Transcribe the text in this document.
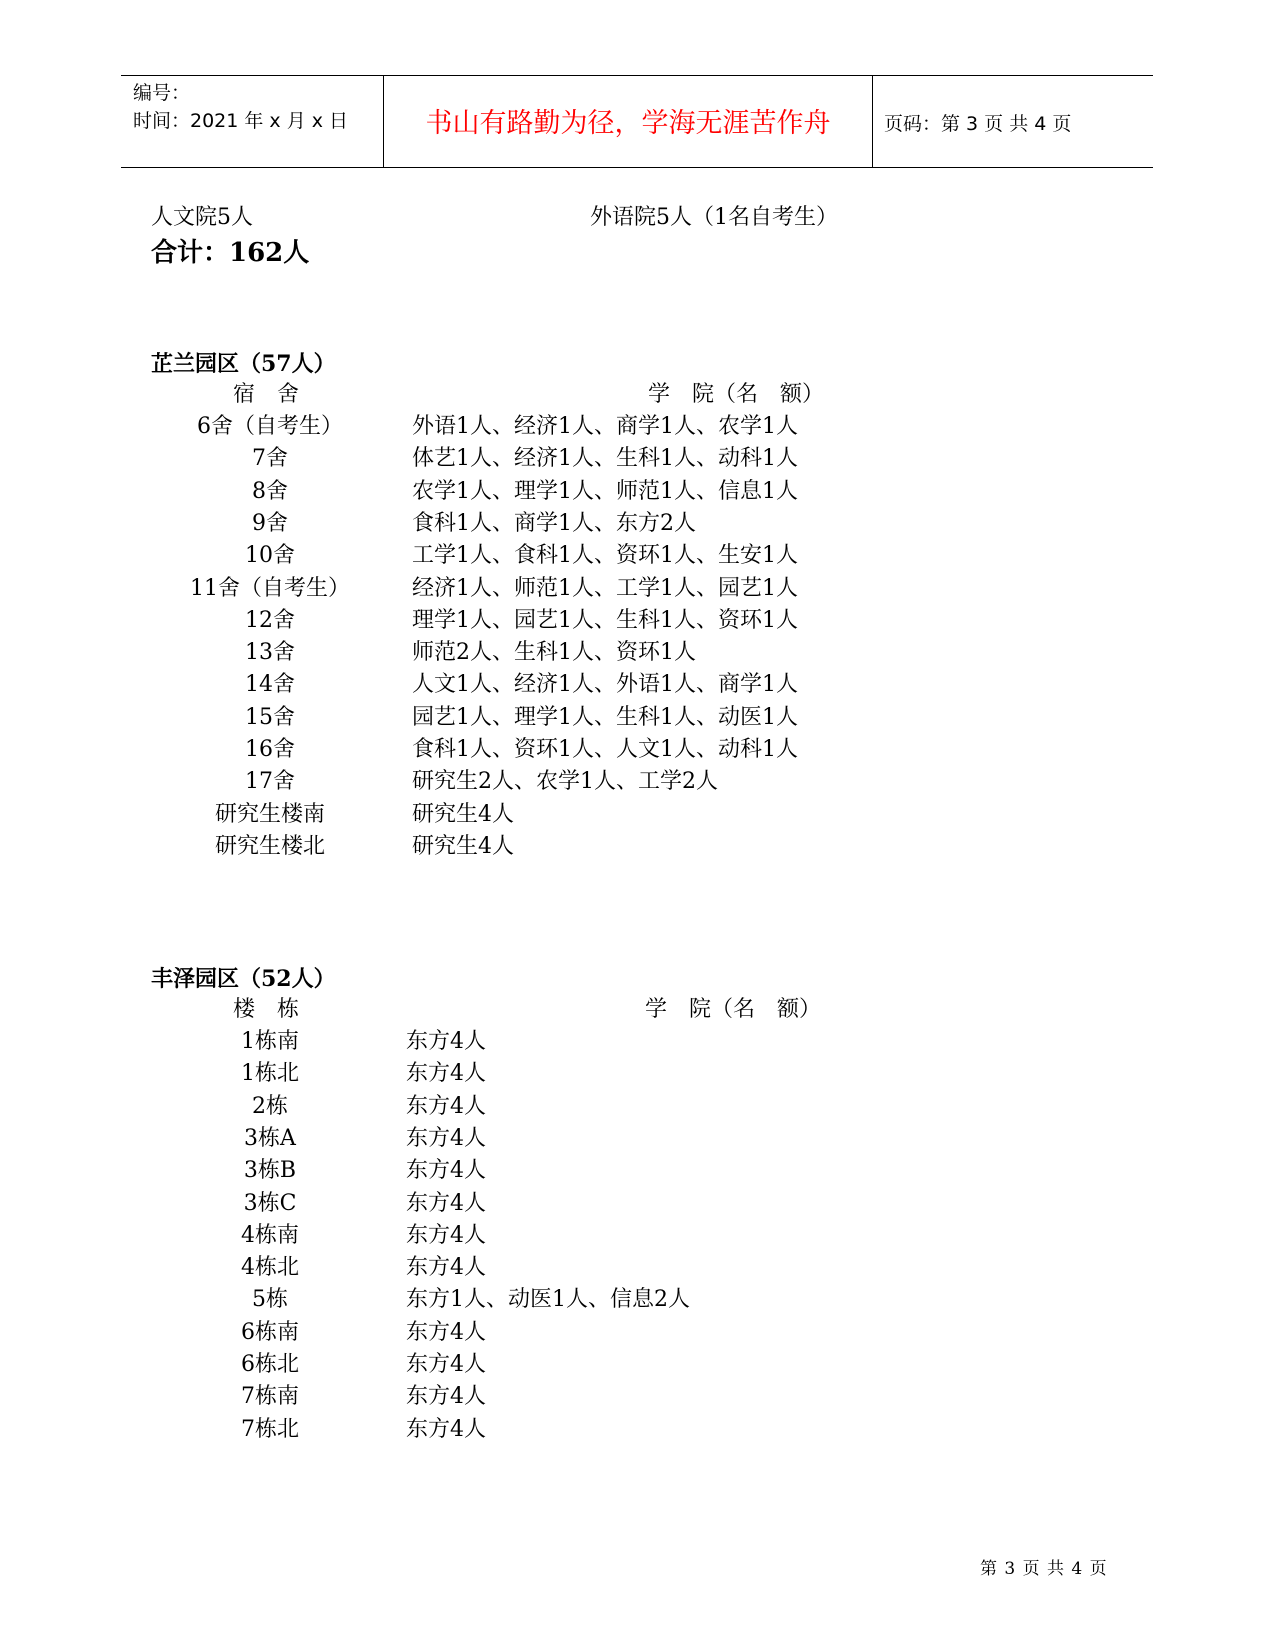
编号：
时间：2021 年 x 月 x 日	书山有路勤为径，学海无涯苦作舟	页码：第 3 页 共 4 页
人文院5人	外语院5人（1名自考生）
合计：162人
芷兰园区（57人）
宿　舍	学　院（名　额）
6舍（自考生）	外语1人、经济1人、商学1人、农学1人
7舍	体艺1人、经济1人、生科1人、动科1人
8舍	农学1人、理学1人、师范1人、信息1人
9舍	食科1人、商学1人、东方2人
10舍	工学1人、食科1人、资环1人、生安1人
11舍（自考生）	经济1人、师范1人、工学1人、园艺1人
12舍	理学1人、园艺1人、生科1人、资环1人
13舍	师范2人、生科1人、资环1人
14舍	人文1人、经济1人、外语1人、商学1人
15舍	园艺1人、理学1人、生科1人、动医1人
16舍	食科1人、资环1人、人文1人、动科1人
17舍	研究生2人、农学1人、工学2人
研究生楼南	研究生4人
研究生楼北	研究生4人
丰泽园区（52人）
楼　栋	学　院（名　额）
1栋南	东方4人
1栋北	东方4人
2栋	东方4人
3栋A	东方4人
3栋B	东方4人
3栋C	东方4人
4栋南	东方4人
4栋北	东方4人
5栋	东方1人、动医1人、信息2人
6栋南	东方4人
6栋北	东方4人
7栋南	东方4人
7栋北	东方4人
第 3 页 共 4 页
